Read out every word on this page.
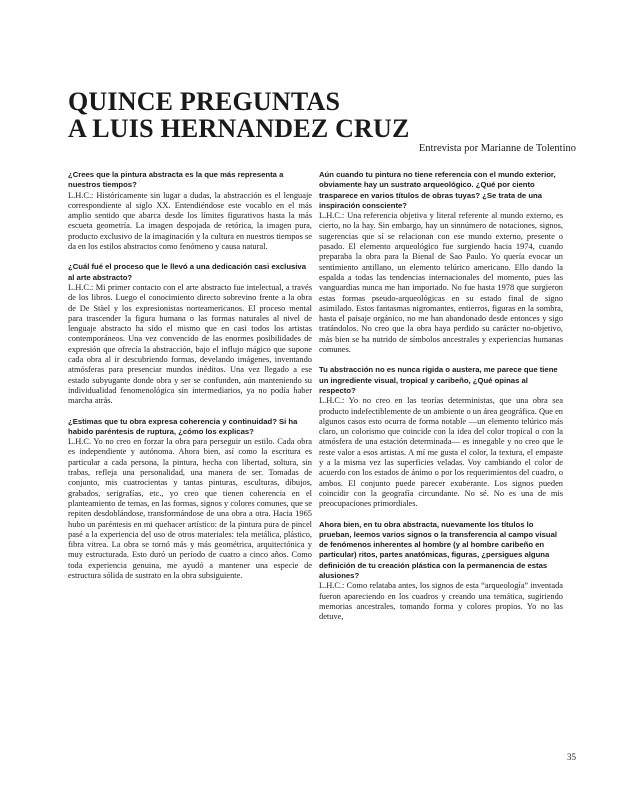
QUINCE PREGUNTAS
A LUIS HERNANDEZ CRUZ
Entrevista por Marianne de Tolentino

¿Crees que la pintura abstracta es la que más representa a nuestros tiempos?

L.H.C.: Históricamente sin lugar a dudas, la abstracción es el lenguaje correspondiente al siglo XX. Entendiéndose este vocablo en el más amplio sentido que abarca desde los límites figurativos hasta la más escueta geometría. La imagen despojada de retórica, la imagen pura, producto exclusivo de la imaginación y la cultura en nuestros tiempos se da en los estilos abstractos como fenómeno y causa natural.

¿Cuál fué el proceso que le llevó a una dedicación casi exclusiva al arte abstracto?

L.H.C.: Mi primer contacto con el arte abstracto fue intelectual, a través de los libros. Luego el conocimiento directo sobrevino frente a la obra de De Stäel y los expresionistas norteamericanos. El proceso mental para trascender la figura humana o las formas naturales al nivel de lenguaje abstracto ha sido el mismo que en casi todos los artistas contemporáneos. Una vez convencido de las enormes posibilidades de expresión que ofrecía la abstracción, bajo el influjo mágico que supone cada obra al ir descubriendo formas, develando imágenes, inventando atmósferas para presenciar mundos inéditos. Una vez llegado a ese estado subyugante donde obra y ser se confunden, aún manteniendo su individualidad fenomenológica sin intermediarios, ya no podía haber marcha atrás.

¿Estimas que tu obra expresa coherencia y continuidad? Si ha habido paréntesis de ruptura, ¿cómo los explicas?

L.H.C. Yo no creo en forzar la obra para perseguir un estilo. Cada obra es independiente y autónoma. Ahora bien, así como la escritura es particular a cada persona, la pintura, hecha con libertad, soltura, sin trabas, refleja una personalidad, una manera de ser. Tomadas de conjunto, mis cuatrocientas y tantas pinturas, esculturas, dibujos, grabados, serigrafías, etc., yo creo que tienen coherencia en el planteamiento de temas, en las formas, signos y colores comunes, que se repiten desdoblándose, transformándose de una obra a otra. Hacia 1965 hubo un paréntesis en mi quehacer artístico: de la pintura pura de pincel pasé a la experiencia del uso de otros materiales: tela metálica, plástico, fibra vitrea. La obra se tornó más y más geométrica, arquitectónica y muy estructurada. Esto duró un período de cuatro a cinco años. Como toda experiencia genuina, me ayudó a mantener una especie de estructura sólida de sustrato en la obra subsiguiente.

Aún cuando tu pintura no tiene referencia con el mundo exterior, obviamente hay un sustrato arqueológico. ¿Qué por ciento trasparece en varios títulos de obras tuyas? ¿Se trata de una inspiración consciente?

L.H.C.: Una referencia objetiva y literal referente al mundo externo, es cierto, no la hay. Sin embargo, hay un sinnúmero de notaciones, signos, sugerencias que sí se relacionan con ese mundo externo, presente o pasado. El elemento arqueológico fue surgiendo hacia 1974, cuando preparaba la obra para la Bienal de Sao Paulo. Yo quería evocar un sentimiento antillano, un elemento telúrico americano. Ello dando la espalda a todas las tendencias internacionales del momento, pues las vanguardias nunca me han importado. No fue hasta 1978 que surgieron estas formas pseudo-arqueológicas en su estado final de signo asimilado. Estos fantasmas nigromantes, entierros, figuras en la sombra, hasta el paisaje orgánico, no me han abandonado desde entonces y sigo tratándolos. No creo que la obra haya perdido su carácter no-objetivo, más bien se ha nutrido de símbolos ancestrales y experiencias humanas comunes.

Tu abstracción no es nunca rígida o austera, me parece que tiene un ingrediente visual, tropical y caribeño, ¿Qué opinas al respecto?

L.H.C.: Yo no creo en las teorías deterministas, que una obra sea producto indefectiblemente de un ambiente o un área geográfica. Que en algunos casos esto ocurra de forma notable —un elemento telúrico más claro, un colorismo que coincide con la idea del color tropical o con la atmósfera de una estación determinada— es innegable y no creo que le reste valor a esos artistas. A mí me gusta el color, la textura, el empaste y a la misma vez las superficies veladas. Voy cambiando el color de acuerdo con los estados de ánimo o por los requerimientos del cuadro, o ambos. El conjunto puede parecer exuberante. Los signos pueden coincidir con la geografía circundante. No sé. No es una de mis preocupaciones primordiales.

Ahora bien, en tu obra abstracta, nuevamente los títulos lo prueban, leemos varios signos o la transferencia al campo visual de fenómenos inherentes al hombre (y al hombre caribeño en particular) ritos, partes anatómicas, figuras, ¿persigues alguna definición de tu creación plástica con la permanencia de estas alusiones?

L.H.C.: Como relataba antes, los signos de esta “arqueología” inventada fueron apareciendo en los cuadros y creando una temática, sugiriendo memorias ancestrales, tomando forma y colores propios. Yo no las detuve,

35
